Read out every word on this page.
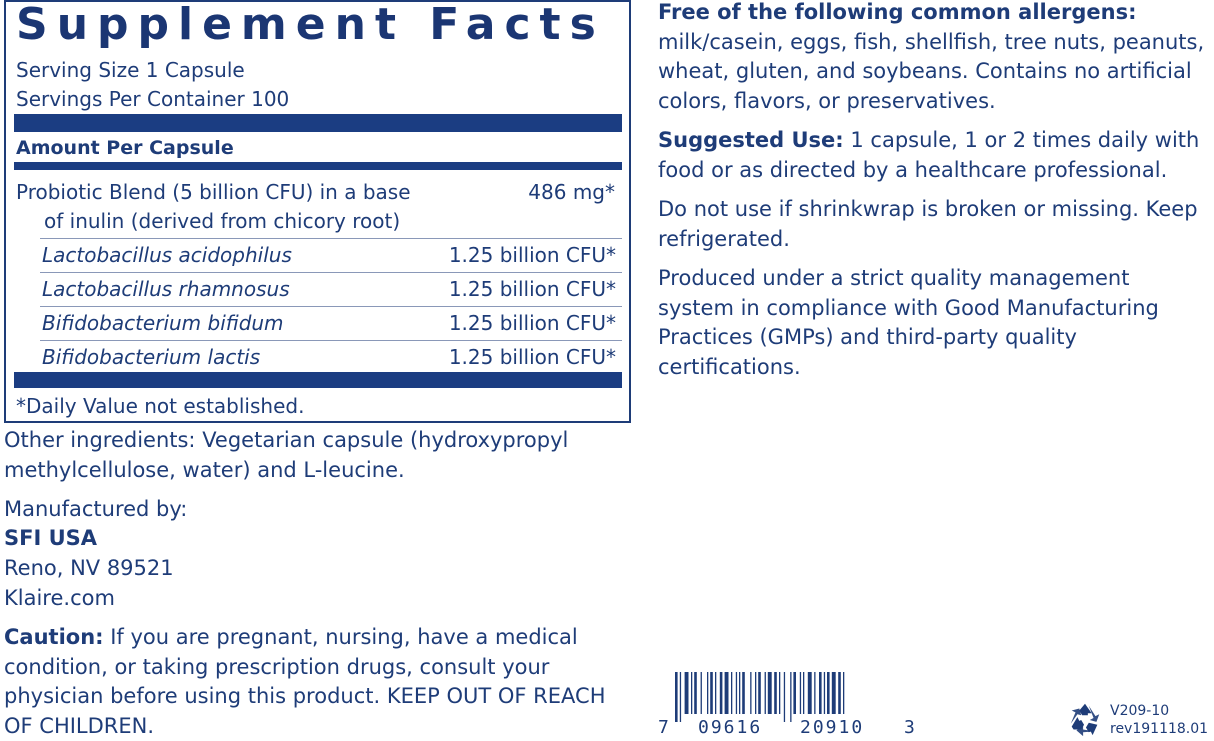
Supplement Facts
Serving Size 1 Capsule
Servings Per Container 100
Amount Per Capsule
Probiotic Blend (5 billion CFU) in a base
of inulin (derived from chicory root)
486 mg*
Lactobacillus acidophilus	1.25 billion CFU*
Lactobacillus rhamnosus	1.25 billion CFU*
Bifidobacterium bifidum	1.25 billion CFU*
Bifidobacterium lactis	1.25 billion CFU*
*Daily Value not established.
Other ingredients: Vegetarian capsule (hydroxypropyl methylcellulose, water) and L-leucine.
Manufactured by:
SFI USA
Reno, NV 89521
Klaire.com
Caution: If you are pregnant, nursing, have a medical condition, or taking prescription drugs, consult your physician before using this product. KEEP OUT OF REACH OF CHILDREN.
Free of the following common allergens: milk/casein, eggs, fish, shellfish, tree nuts, peanuts, wheat, gluten, and soybeans. Contains no artificial colors, flavors, or preservatives.
Suggested Use: 1 capsule, 1 or 2 times daily with food or as directed by a healthcare professional.
Do not use if shrinkwrap is broken or missing. Keep refrigerated.
Produced under a strict quality management system in compliance with Good Manufacturing Practices (GMPs) and third-party quality certifications.
7 09616 20910 3
V209-10
rev191118.01
